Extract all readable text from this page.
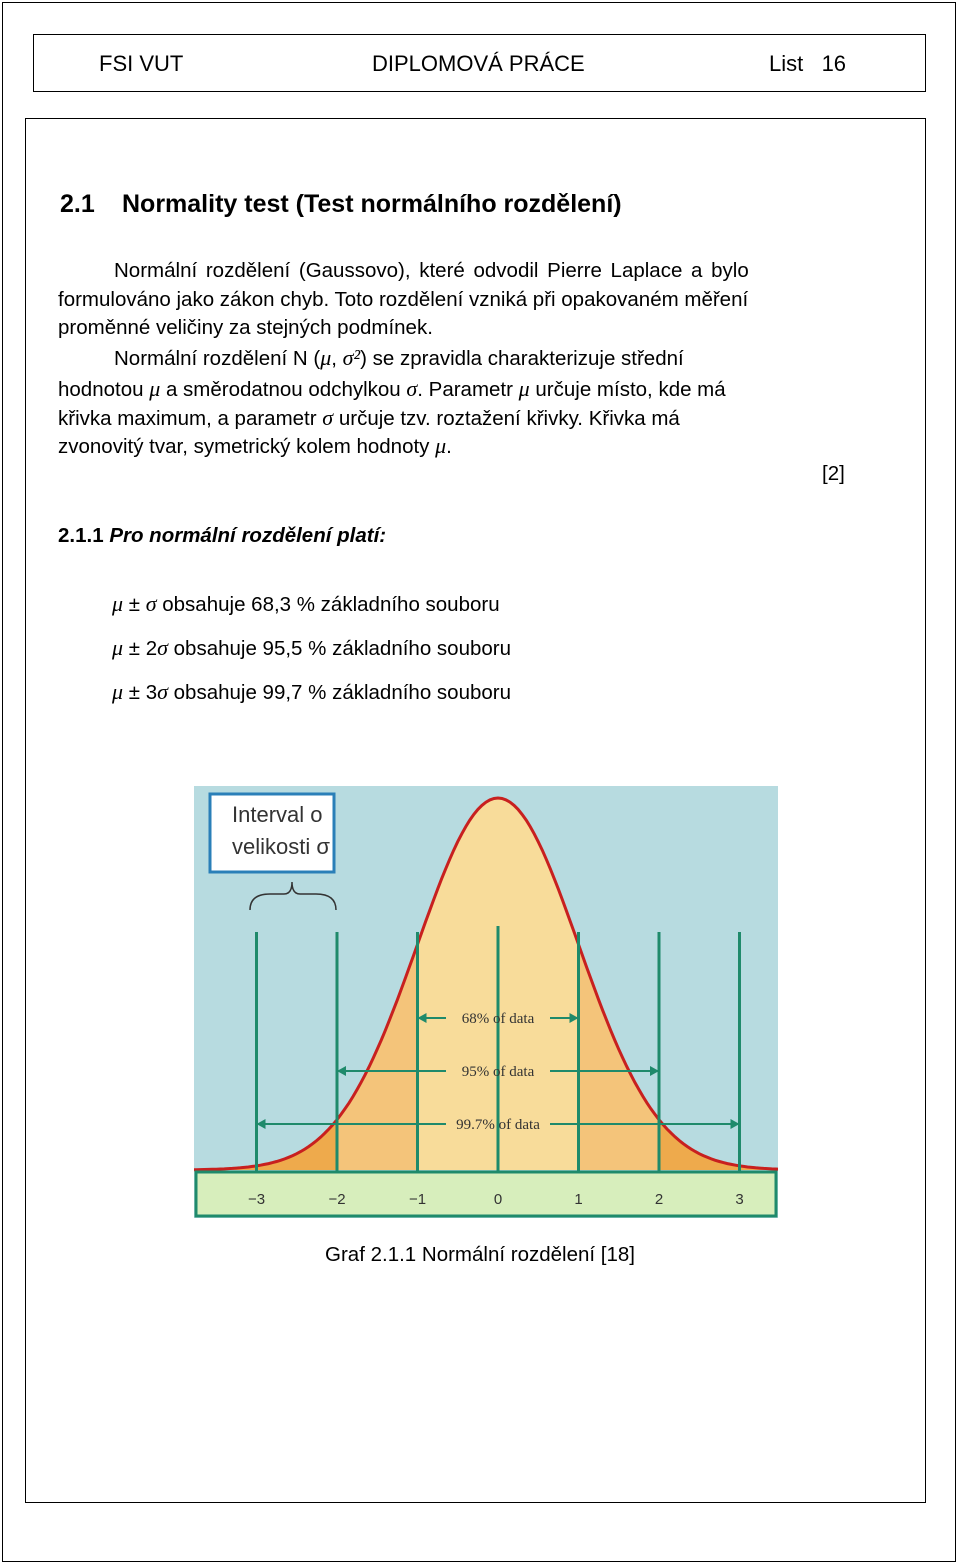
FSI VUT	DIPLOMOVÁ PRÁCE	List   16
2.1 Normality test (Test normálního rozdělení)
Normální rozdělení (Gaussovo), které odvodil Pierre Laplace a bylo
formulováno jako zákon chyb. Toto rozdělení vzniká při opakovaném měření
proměnné veličiny za stejných podmínek.
Normální rozdělení N (μ, σ²) se zpravidla charakterizuje střední
hodnotou μ a směrodatnou odchylkou σ. Parametr μ určuje místo, kde má
křivka maximum, a parametr σ určuje tzv. roztažení křivky. Křivka má
zvonovitý tvar, symetrický kolem hodnoty μ.
[2]
2.1.1 Pro normální rozdělení platí:
μ ± σ obsahuje 68,3 % základního souboru
μ ± 2σ obsahuje 95,5 % základního souboru
μ ± 3σ obsahuje 99,7 % základního souboru
−3	−2	−1	0	1	2	3
Interval o
velikosti σ
68% of data
95% of data
99.7% of data
Graf 2.1.1 Normální rozdělení [18]
